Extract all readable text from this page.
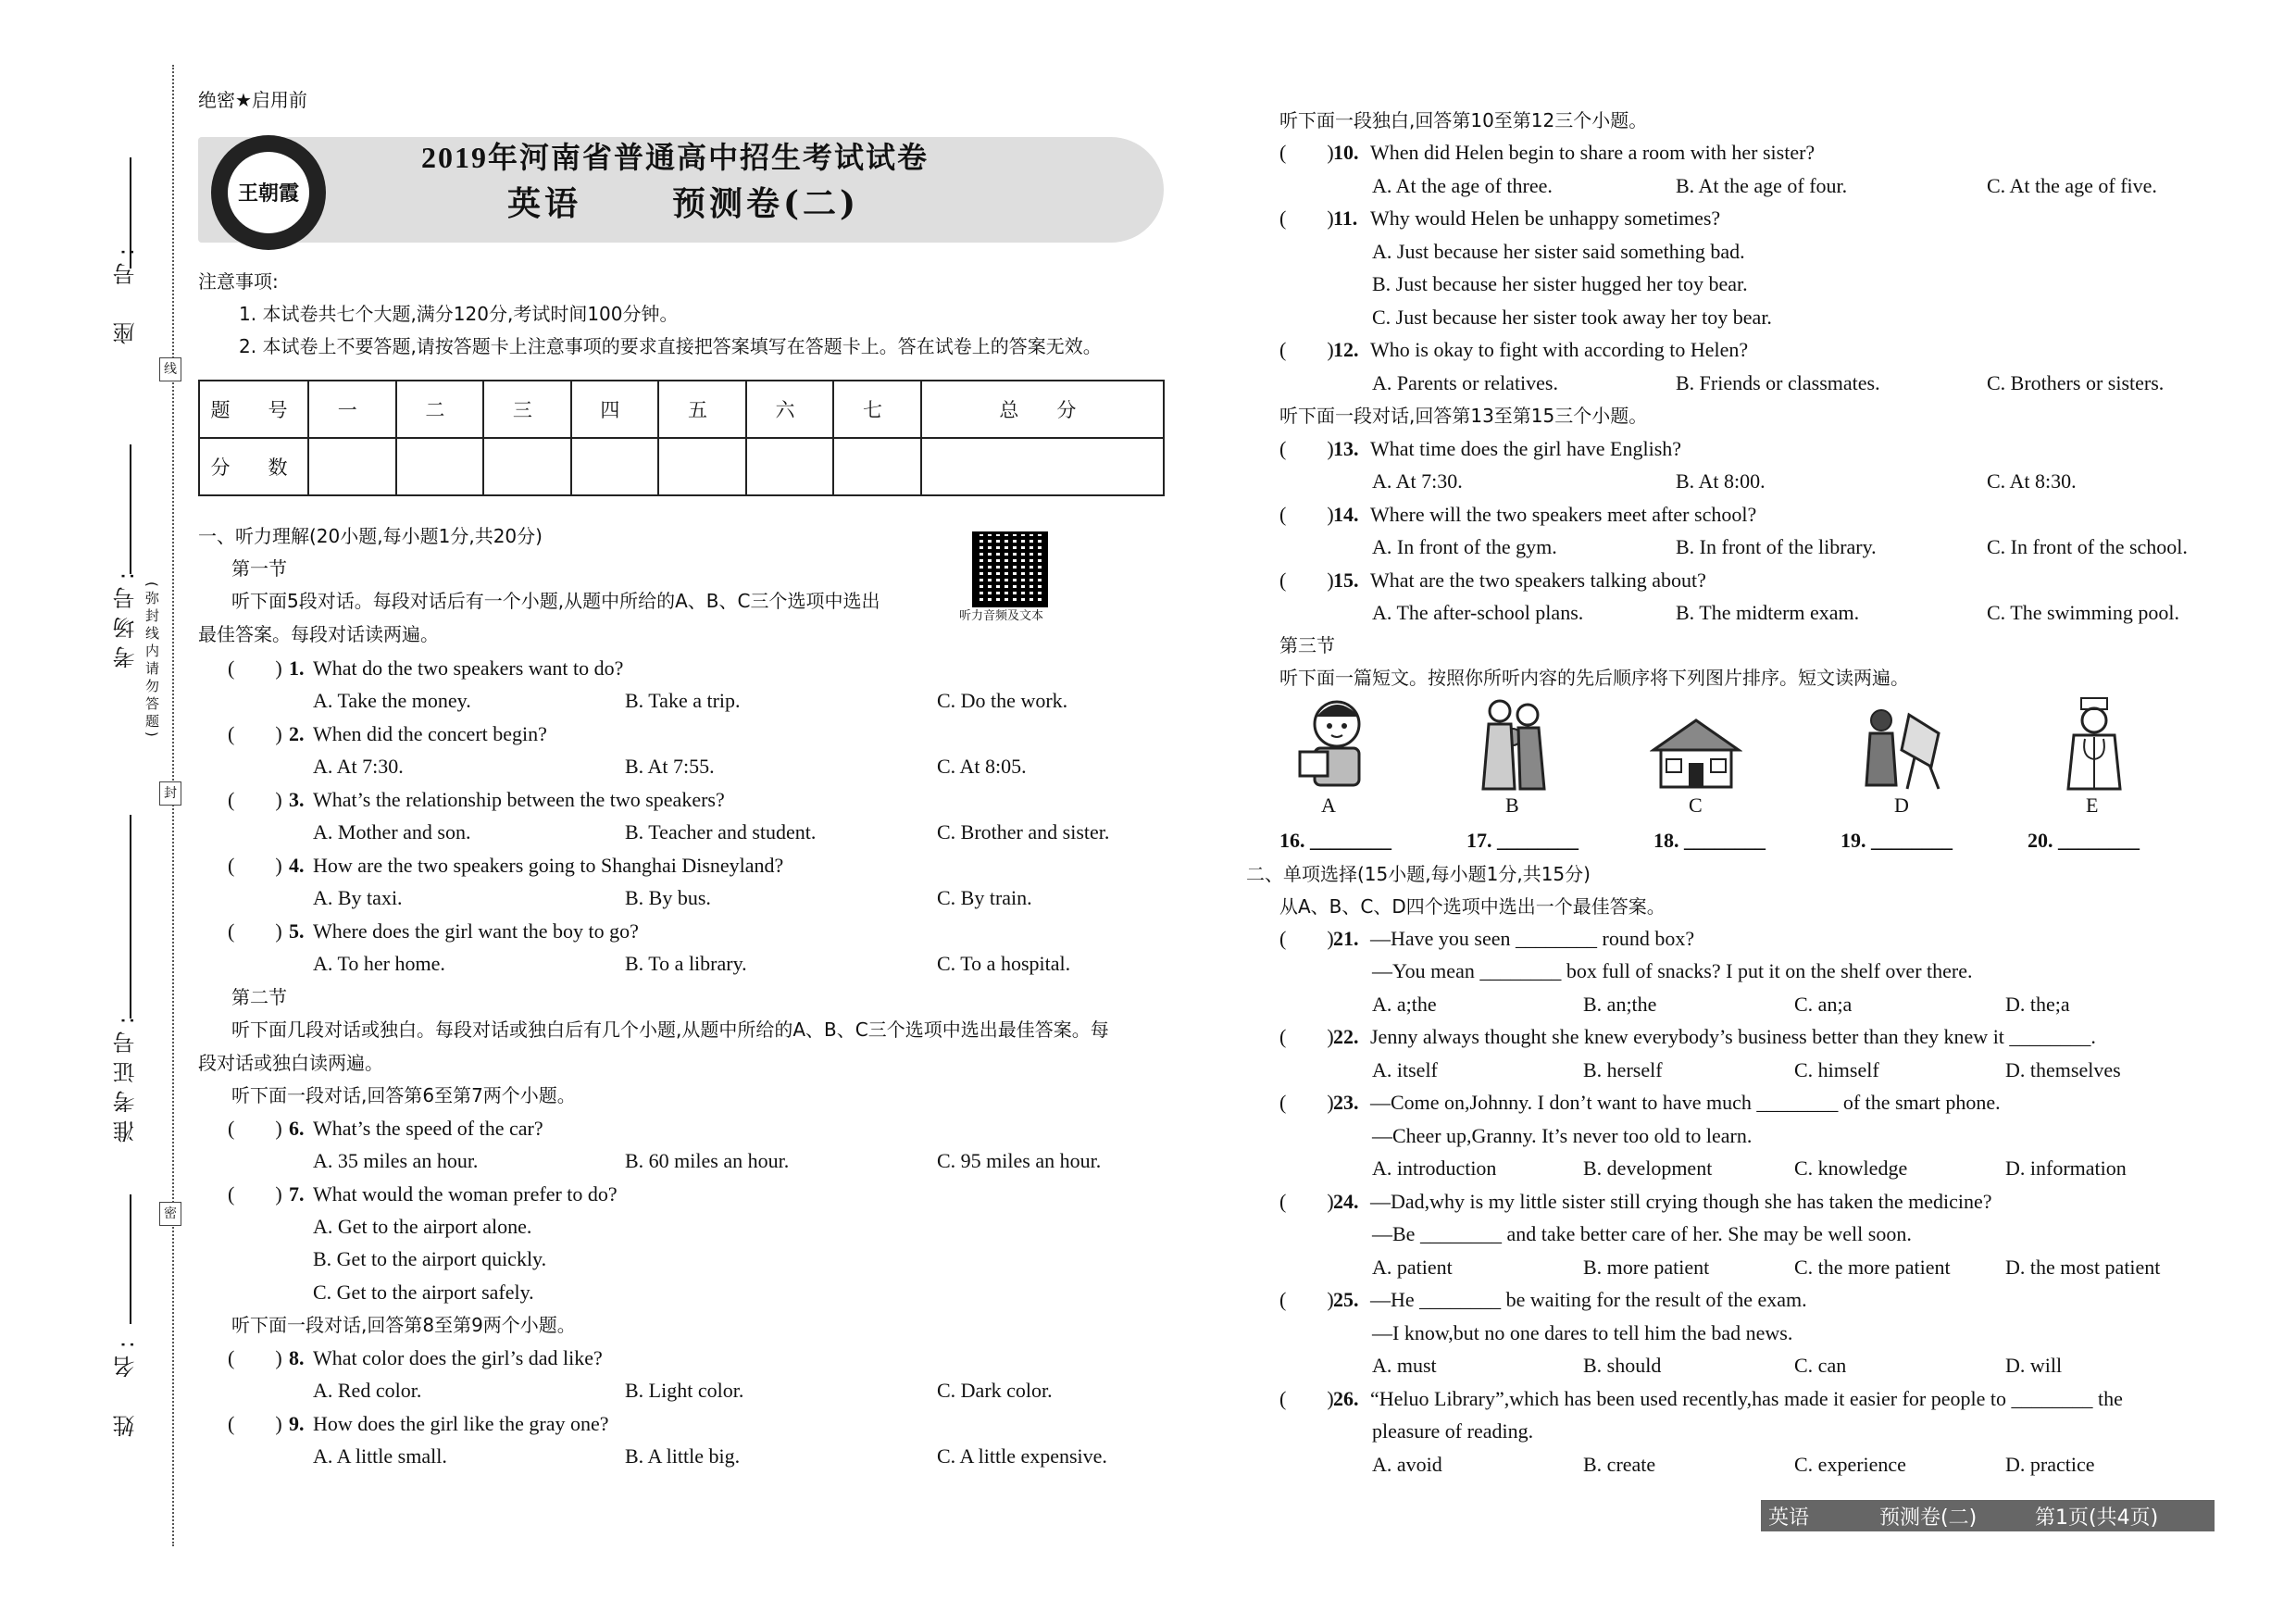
座　号:
考场号:
准考证号:
姓　名:
线
封
密
(弥封线内请勿答题)
绝密★启用前
王朝霞
2019年河南省普通高中招生考试试卷
英语	预测卷(二)
注意事项:
1. 本试卷共七个大题,满分120分,考试时间100分钟。
2. 本试卷上不要答题,请按答题卡上注意事项的要求直接把答案填写在答题卡上。答在试卷上的答案无效。
题　号	一	二	三	四	五	六	七	总　分
分　数								
一、听力理解(20小题,每小题1分,共20分)
听力音频及文本
第一节
听下面5段对话。每段对话后有一个小题,从题中所给的A、B、C三个选项中选出
最佳答案。每段对话读两遍。
(　　) 1. What do the two speakers want to do?
A. Take the money.	B. Take a trip.	C. Do the work.
(　　) 2. When did the concert begin?
A. At 7:30.	B. At 7:55.	C. At 8:05.
(　　) 3. What’s the relationship between the two speakers?
A. Mother and son.	B. Teacher and student.	C. Brother and sister.
(　　) 4. How are the two speakers going to Shanghai Disneyland?
A. By taxi.	B. By bus.	C. By train.
(　　) 5. Where does the girl want the boy to go?
A. To her home.	B. To a library.	C. To a hospital.
第二节
听下面几段对话或独白。每段对话或独白后有几个小题,从题中所给的A、B、C三个选项中选出最佳答案。每
段对话或独白读两遍。
听下面一段对话,回答第6至第7两个小题。
(　　) 6. What’s the speed of the car?
A. 35 miles an hour.	B. 60 miles an hour.	C. 95 miles an hour.
(　　) 7. What would the woman prefer to do?
A. Get to the airport alone.
B. Get to the airport quickly.
C. Get to the airport safely.
听下面一段对话,回答第8至第9两个小题。
(　　) 8. What color does the girl’s dad like?
A. Red color.	B. Light color.	C. Dark color.
(　　) 9. How does the girl like the gray one?
A. A little small.	B. A little big.	C. A little expensive.
听下面一段独白,回答第10至第12三个小题。
(　　) 10. When did Helen begin to share a room with her sister?
A. At the age of three.	B. At the age of four.	C. At the age of five.
(　　) 11. Why would Helen be unhappy sometimes?
A. Just because her sister said something bad.
B. Just because her sister hugged her toy bear.
C. Just because her sister took away her toy bear.
(　　) 12. Who is okay to fight with according to Helen?
A. Parents or relatives.	B. Friends or classmates.	C. Brothers or sisters.
听下面一段对话,回答第13至第15三个小题。
(　　) 13. What time does the girl have English?
A. At 7:30.	B. At 8:00.	C. At 8:30.
(　　) 14. Where will the two speakers meet after school?
A. In front of the gym.	B. In front of the library.	C. In front of the school.
(　　) 15. What are the two speakers talking about?
A. The after-school plans.	B. The midterm exam.	C. The swimming pool.
第三节
听下面一篇短文。按照你所听内容的先后顺序将下列图片排序。短文读两遍。
A	B	C	D	E
16. ________	17. ________	18. ________	19. ________	20. ________
二、单项选择(15小题,每小题1分,共15分)
从A、B、C、D四个选项中选出一个最佳答案。
(　　) 21. —Have you seen ________ round box?
—You mean ________ box full of snacks? I put it on the shelf over there.
A. a;the	B. an;the	C. an;a	D. the;a
(　　) 22. Jenny always thought she knew everybody’s business better than they knew it ________.
A. itself	B. herself	C. himself	D. themselves
(　　) 23. —Come on,Johnny. I don’t want to have much ________ of the smart phone.
—Cheer up,Granny. It’s never too old to learn.
A. introduction	B. development	C. knowledge	D. information
(　　) 24. —Dad,why is my little sister still crying though she has taken the medicine?
—Be ________ and take better care of her. She may be well soon.
A. patient	B. more patient	C. the more patient	D. the most patient
(　　) 25. —He ________ be waiting for the result of the exam.
—I know,but no one dares to tell him the bad news.
A. must	B. should	C. can	D. will
(　　) 26. “Heluo Library”,which has been used recently,has made it easier for people to ________ the
pleasure of reading.
A. avoid	B. create	C. experience	D. practice
英语	预测卷(二)	第1页(共4页)
